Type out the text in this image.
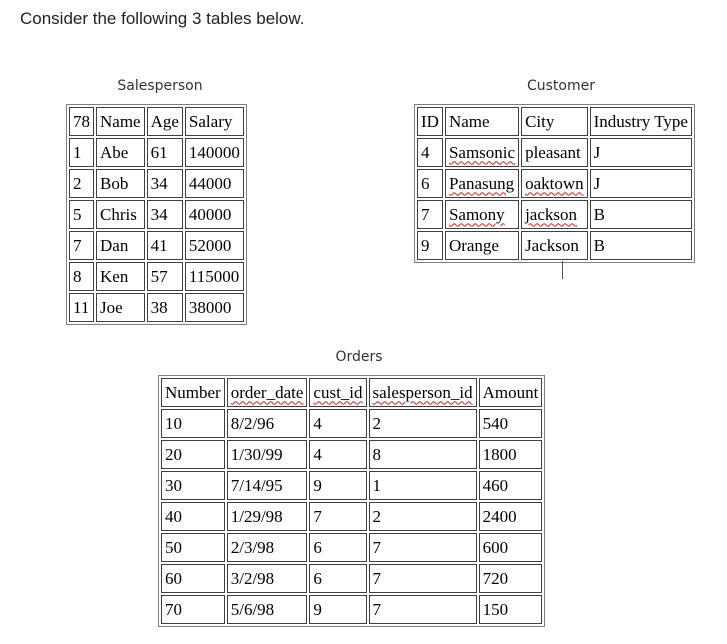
Consider the following 3 tables below.
Salesperson
78	Name	Age	Salary
1	Abe	61	140000
2	Bob	34	44000
5	Chris	34	40000
7	Dan	41	52000
8	Ken	57	115000
11	Joe	38	38000
Customer
ID	Name	City	Industry Type
4	Samsonic	pleasant	J
6	Panasung	oaktown	J
7	Samony	jackson	B
9	Orange	Jackson	B
Orders
Number	order_date	cust_id	salesperson_id	Amount
10	8/2/96	4	2	540
20	1/30/99	4	8	1800
30	7/14/95	9	1	460
40	1/29/98	7	2	2400
50	2/3/98	6	7	600
60	3/2/98	6	7	720
70	5/6/98	9	7	150
